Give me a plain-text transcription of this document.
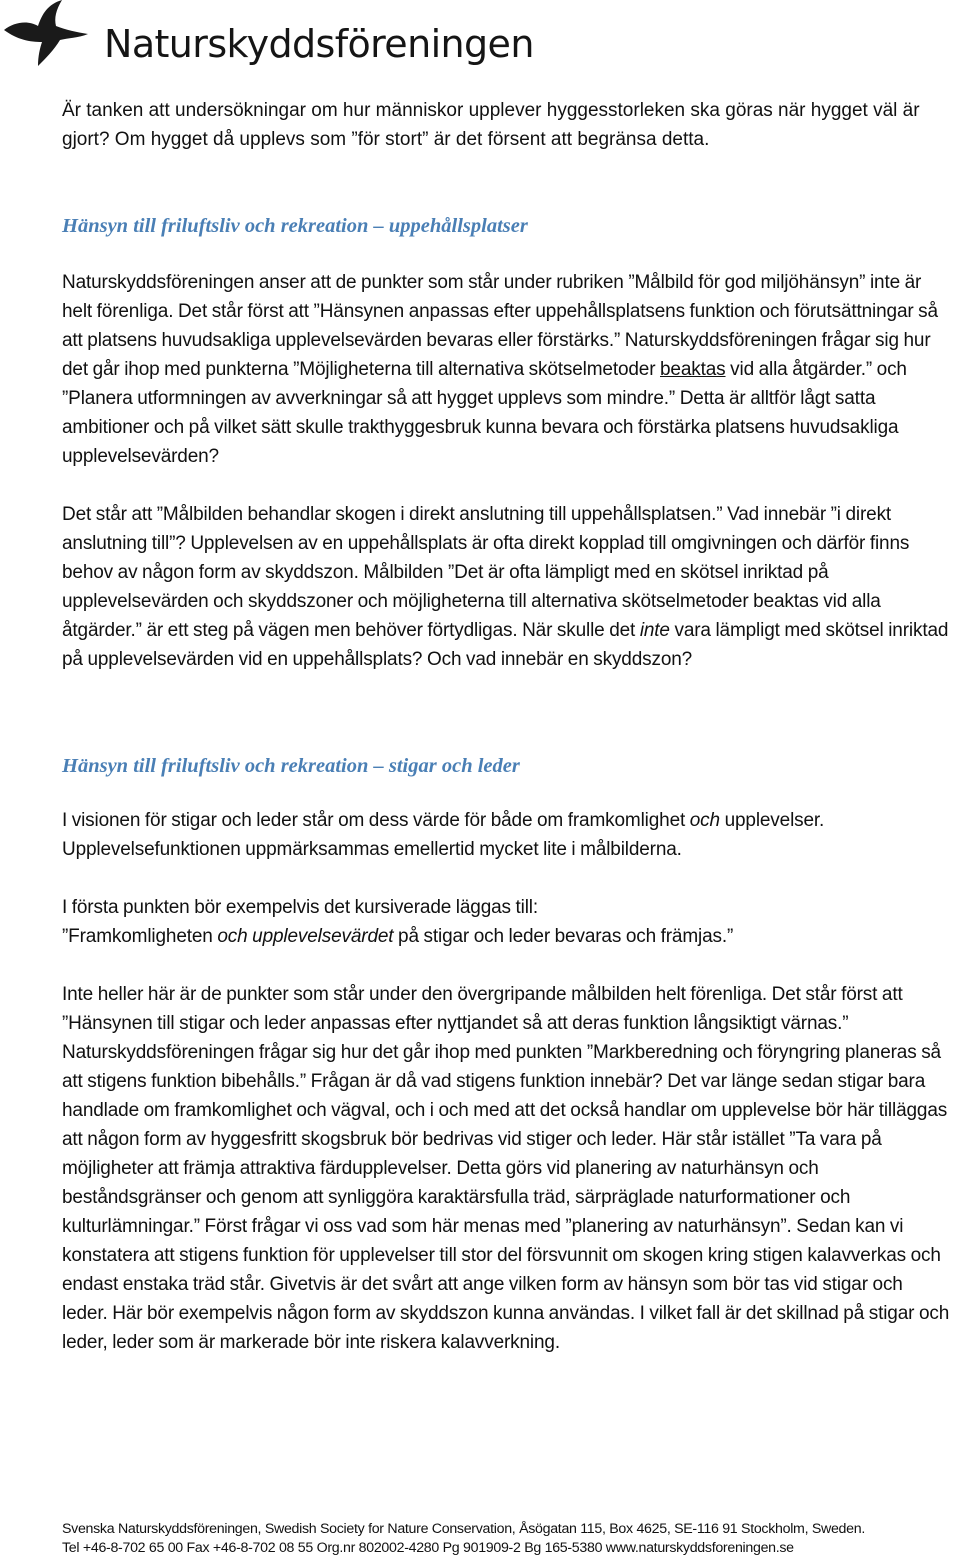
Naturskyddsföreningen

Är tanken att undersökningar om hur människor upplever hyggesstorleken ska göras när hygget väl är gjort? Om hygget då upplevs som ”för stort” är det försent att begränsa detta.

Hänsyn till friluftsliv och rekreation – uppehållsplatser

Naturskyddsföreningen anser att de punkter som står under rubriken ”Målbild för god miljöhänsyn” inte är helt förenliga. Det står först att ”Hänsynen anpassas efter uppehållsplatsens funktion och förutsättningar så att platsens huvudsakliga upplevelsevärden bevaras eller förstärks.” Naturskyddsföreningen frågar sig hur det går ihop med punkterna ”Möjligheterna till alternativa skötselmetoder beaktas vid alla åtgärder.” och ”Planera utformningen av avverkningar så att hygget upplevs som mindre.” Detta är alltför lågt satta ambitioner och på vilket sätt skulle trakthyggesbruk kunna bevara och förstärka platsens huvudsakliga upplevelsevärden?

Det står att ”Målbilden behandlar skogen i direkt anslutning till uppehållsplatsen.” Vad innebär ”i direkt anslutning till”? Upplevelsen av en uppehållsplats är ofta direkt kopplad till omgivningen och därför finns behov av någon form av skyddszon. Målbilden ”Det är ofta lämpligt med en skötsel inriktad på upplevelsevärden och skyddszoner och möjligheterna till alternativa skötselmetoder beaktas vid alla åtgärder.” är ett steg på vägen men behöver förtydligas. När skulle det inte vara lämpligt med skötsel inriktad på upplevelsevärden vid en uppehållsplats? Och vad innebär en skyddszon?

Hänsyn till friluftsliv och rekreation – stigar och leder

I visionen för stigar och leder står om dess värde för både om framkomlighet och upplevelser. Upplevelsefunktionen uppmärksammas emellertid mycket lite i målbilderna.

I första punkten bör exempelvis det kursiverade läggas till:
”Framkomligheten och upplevelsevärdet på stigar och leder bevaras och främjas.”

Inte heller här är de punkter som står under den övergripande målbilden helt förenliga. Det står först att ”Hänsynen till stigar och leder anpassas efter nyttjandet så att deras funktion långsiktigt värnas.” Naturskyddsföreningen frågar sig hur det går ihop med punkten ”Markberedning och föryngring planeras så att stigens funktion bibehålls.” Frågan är då vad stigens funktion innebär? Det var länge sedan stigar bara handlade om framkomlighet och vägval, och i och med att det också handlar om upplevelse bör här tilläggas att någon form av hyggesfritt skogsbruk bör bedrivas vid stiger och leder. Här står istället ”Ta vara på möjligheter att främja attraktiva färdupplevelser. Detta görs vid planering av naturhänsyn och beståndsgränser och genom att synliggöra karaktärsfulla träd, särpräglade naturformationer och kulturlämningar.” Först frågar vi oss vad som här menas med ”planering av naturhänsyn”. Sedan kan vi konstatera att stigens funktion för upplevelser till stor del försvunnit om skogen kring stigen kalavverkas och endast enstaka träd står. Givetvis är det svårt att ange vilken form av hänsyn som bör tas vid stigar och leder. Här bör exempelvis någon form av skyddszon kunna användas. I vilket fall är det skillnad på stigar och leder, leder som är markerade bör inte riskera kalavverkning.

Svenska Naturskyddsföreningen, Swedish Society for Nature Conservation, Åsögatan 115, Box 4625, SE-116 91 Stockholm, Sweden.
Tel +46-8-702 65 00 Fax +46-8-702 08 55 Org.nr 802002-4280 Pg 901909-2 Bg 165-5380 www.naturskyddsforeningen.se
